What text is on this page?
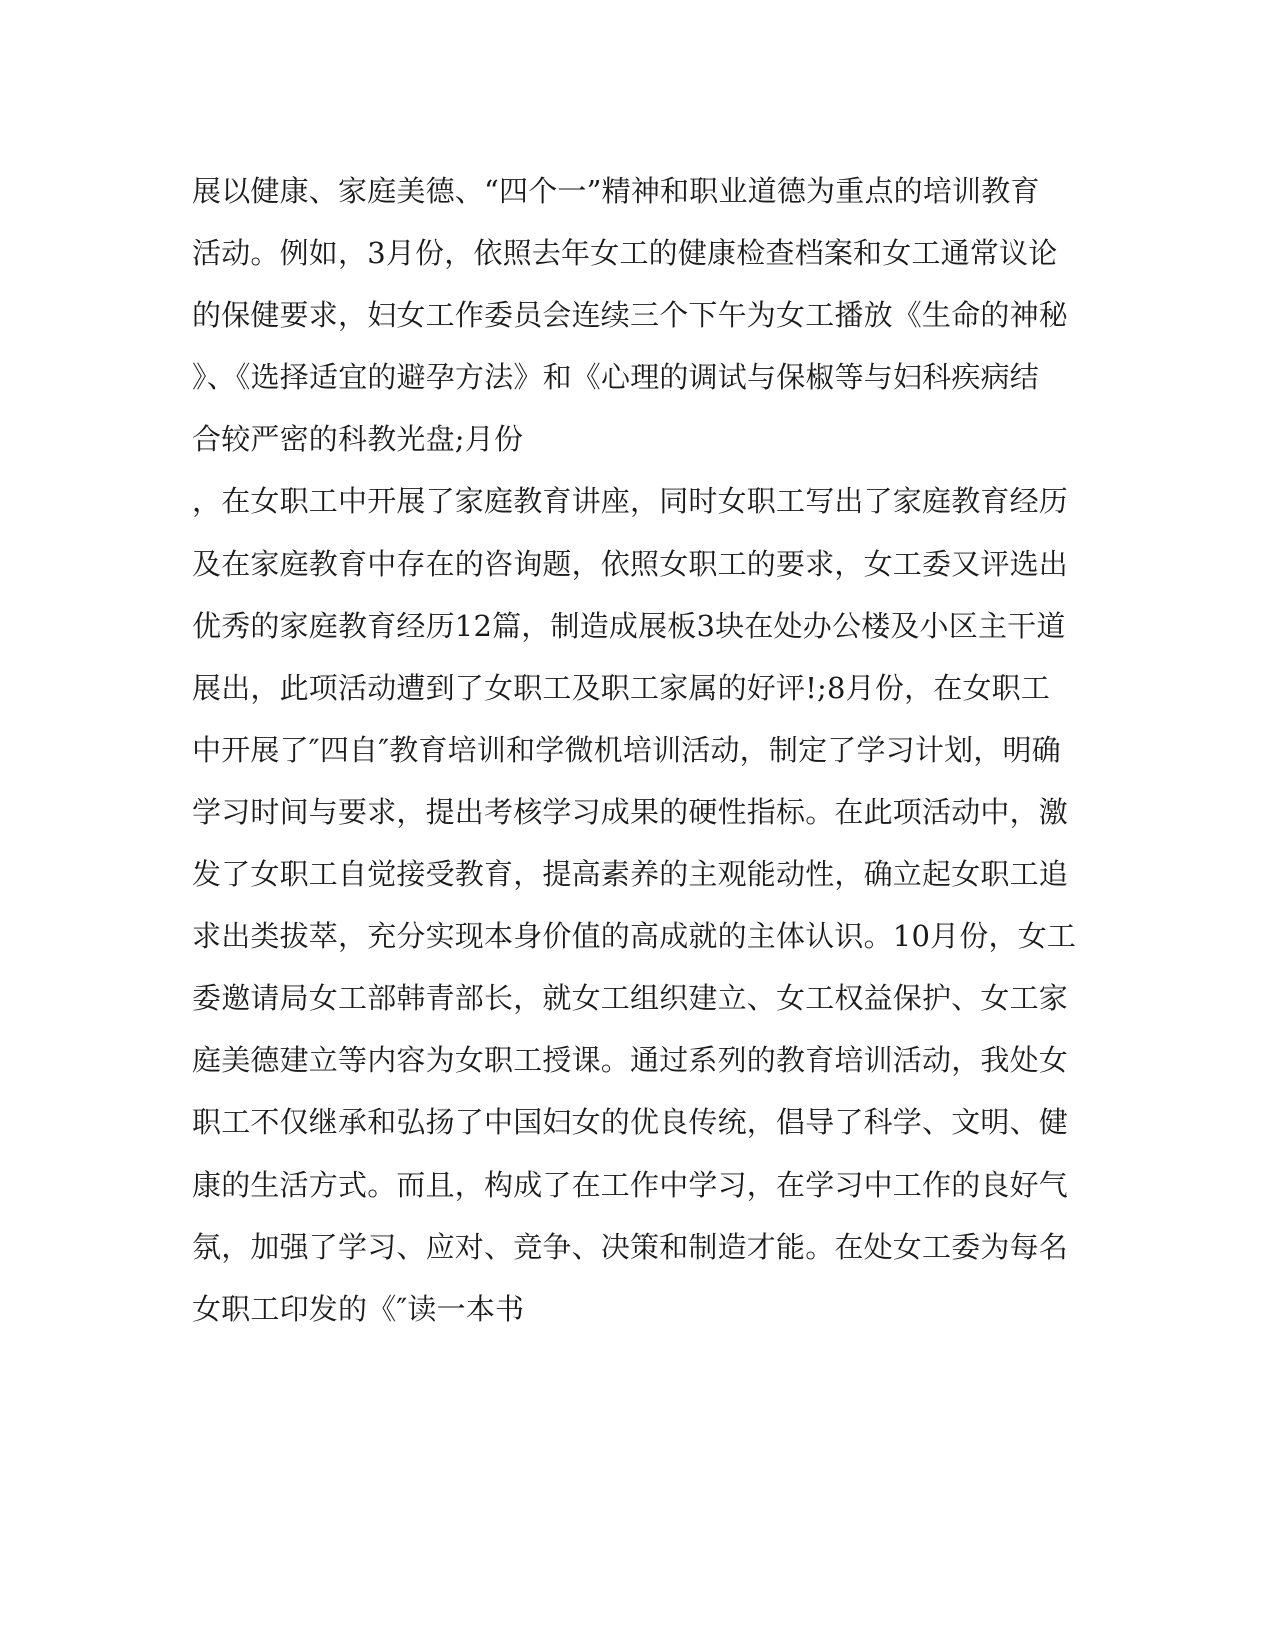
展以健康、家庭美德、“四个一”精神和职业道德为重点的培训教育
活动。例如，3月份，依照去年女工的健康检查档案和女工通常议论
的保健要求，妇女工作委员会连续三个下午为女工播放《生命的神秘
》、《选择适宜的避孕方法》和《心理的调试与保椒等与妇科疾病结
合较严密的科教光盘;月份
，在女职工中开展了家庭教育讲座，同时女职工写出了家庭教育经历
及在家庭教育中存在的咨询题，依照女职工的要求，女工委又评选出
优秀的家庭教育经历12篇，制造成展板3块在处办公楼及小区主干道
展出，此项活动遭到了女职工及职工家属的好评!;8月份，在女职工
中开展了″四自″教育培训和学微机培训活动，制定了学习计划，明确
学习时间与要求，提出考核学习成果的硬性指标。在此项活动中，激
发了女职工自觉接受教育，提高素养的主观能动性，确立起女职工追
求出类拔萃，充分实现本身价值的高成就的主体认识。10月份，女工
委邀请局女工部韩青部长，就女工组织建立、女工权益保护、女工家
庭美德建立等内容为女职工授课。通过系列的教育培训活动，我处女
职工不仅继承和弘扬了中国妇女的优良传统，倡导了科学、文明、健
康的生活方式。而且，构成了在工作中学习，在学习中工作的良好气
氛，加强了学习、应对、竞争、决策和制造才能。在处女工委为每名
女职工印发的《″读一本书
